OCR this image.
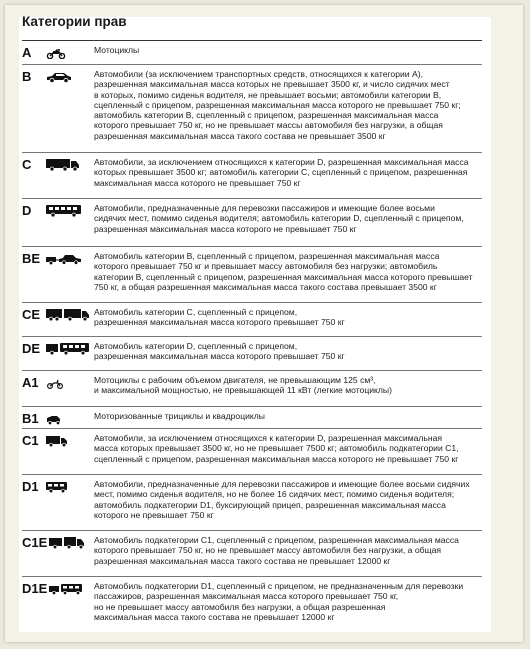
Категории прав
A	Мотоциклы
B	Автомобили (за исключением транспортных средств, относящихся к категории А),
разрешенная максимальная масса которых не превышает 3500 кг, и число сидячих мест
в которых, помимо сиденья водителя, не превышает восьми; автомобили категории B,
сцепленный с прицепом, разрешенная максимальная масса которого не превышает 750 кг;
автомобиль категории B, сцепленный с прицепом, разрешенная максимальная масса
которого превышает 750 кг, но не превышает массы автомобиля без нагрузки, а общая
разрешенная максимальная масса такого состава не превышает 3500 кг
C	Автомобили, за исключением относящихся к категории D, разрешенная максимальная масса
которых превышает 3500 кг; автомобиль категории C, сцепленный с прицепом, разрешенная
максимальная масса которого не превышает 750 кг
D	Автомобили, предназначенные для перевозки пассажиров и имеющие более восьми
сидячих мест, помимо сиденья водителя; автомобиль категории D, сцепленный с прицепом,
разрешенная максимальная масса которого не превышает 750 кг
BE	Автомобиль категории B, сцепленный с прицепом, разрешенная максимальная масса
которого превышает 750 кг и превышает массу автомобиля без нагрузки; автомобиль
категории B, сцепленный с прицепом, разрешенная максимальная масса которого превышает
750 кг, а общая разрешенная максимальная масса такого состава превышает 3500 кг
CE	Автомобиль категории C, сцепленный с прицепом,
разрешенная максимальная масса которого превышает 750 кг
DE	Автомобиль категории D, сцепленный с прицепом,
разрешенная максимальная масса которого превышает 750 кг
A1	Мотоциклы с рабочим объемом двигателя, не превышающим 125 см³,
и максимальной мощностью, не превышающей 11 кВт (легкие мотоциклы)
B1	Моторизованные трициклы и квадроциклы
C1	Автомобили, за исключением относящихся к категории D, разрешенная максимальная
масса которых превышает 3500 кг, но не превышает 7500 кг; автомобиль подкатегории C1,
сцепленный с прицепом, разрешенная максимальная масса которого не превышает 750 кг
D1	Автомобили, предназначенные для перевозки пассажиров и имеющие более восьми сидячих
мест, помимо сиденья водителя, но не более 16 сидячих мест, помимо сиденья водителя;
автомобиль подкатегории D1, буксирующий прицеп, разрешенная максимальная масса
которого не превышает 750 кг
C1E	Автомобиль подкатегории C1, сцепленный с прицепом, разрешенная максимальная масса
которого превышает 750 кг, но не превышает массу автомобиля без нагрузки, а общая
разрешенная максимальная масса такого состава не превышает 12000 кг
D1E	Автомобиль подкатегории D1, сцепленный с прицепом, не предназначенным для перевозки
пассажиров, разрешенная максимальная масса которого превышает 750 кг,
но не превышает массу автомобиля без нагрузки, а общая разрешенная
максимальная масса такого состава не превышает 12000 кг
